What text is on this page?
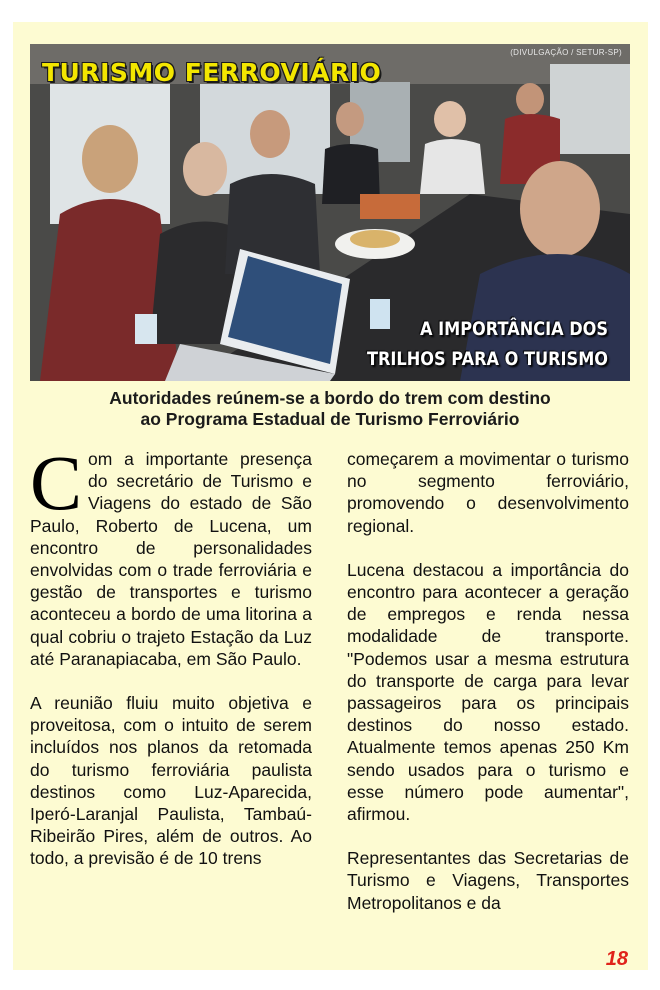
TURISMO FERROVIÁRIO
(DIVULGAÇÃO / SETUR-SP)
A IMPORTÂNCIA DOS TRILHOS PARA O TURISMO
Autoridades reúnem-se a bordo do trem com destino
ao Programa Estadual de Turismo Ferroviário

Com a importante presença do secretário de Turismo e Viagens do estado de São Paulo, Roberto de Lucena, um encontro de personalidades envolvidas com o trade ferroviária e gestão de transportes e turismo aconteceu a bordo de uma litorina a qual cobriu o trajeto Estação da Luz até Paranapiacaba, em São Paulo.

A reunião fluiu muito objetiva e proveitosa, com o intuito de serem incluídos nos planos da retomada do turismo ferroviária paulista destinos como Luz-Aparecida, Iperó-Laranjal Paulista, Tambaú-Ribeirão Pires, além de outros. Ao todo, a previsão é de 10 trens

começarem a movimentar o turismo no segmento ferroviário, promovendo o desenvolvimento regional.

Lucena destacou a importância do encontro para acontecer a geração de empregos e renda nessa modalidade de transporte. "Podemos usar a mesma estrutura do transporte de carga para levar passageiros para os principais destinos do nosso estado. Atualmente temos apenas 250 Km sendo usados para o turismo e esse número pode aumentar", afirmou.

Representantes das Secretarias de Turismo e Viagens, Transportes Metropolitanos e da

18
